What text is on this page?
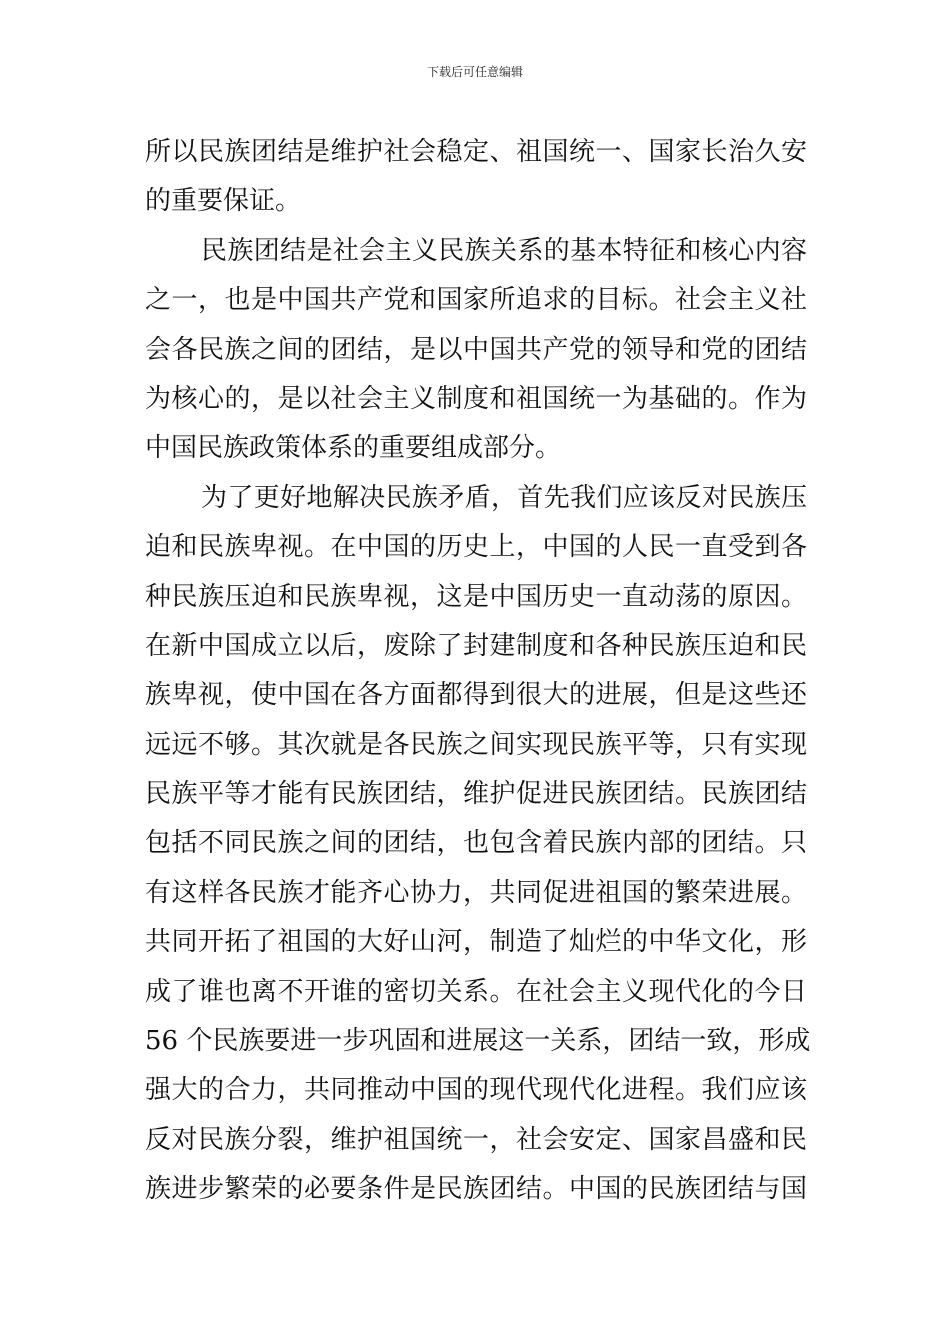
下载后可任意编辑
所以民族团结是维护社会稳定、祖国统一、国家长治久安
的重要保证。
民族团结是社会主义民族关系的基本特征和核心内容
之一，也是中国共产党和国家所追求的目标。社会主义社
会各民族之间的团结，是以中国共产党的领导和党的团结
为核心的，是以社会主义制度和祖国统一为基础的。作为
中国民族政策体系的重要组成部分。
为了更好地解决民族矛盾，首先我们应该反对民族压
迫和民族卑视。在中国的历史上，中国的人民一直受到各
种民族压迫和民族卑视，这是中国历史一直动荡的原因。
在新中国成立以后，废除了封建制度和各种民族压迫和民
族卑视，使中国在各方面都得到很大的进展，但是这些还
远远不够。其次就是各民族之间实现民族平等，只有实现
民族平等才能有民族团结，维护促进民族团结。民族团结
包括不同民族之间的团结，也包含着民族内部的团结。只
有这样各民族才能齐心协力，共同促进祖国的繁荣进展。
共同开拓了祖国的大好山河，制造了灿烂的中华文化，形
成了谁也离不开谁的密切关系。在社会主义现代化的今日
56 个民族要进一步巩固和进展这一关系，团结一致，形成
强大的合力，共同推动中国的现代现代化进程。我们应该
反对民族分裂，维护祖国统一，社会安定、国家昌盛和民
族进步繁荣的必要条件是民族团结。中国的民族团结与国
